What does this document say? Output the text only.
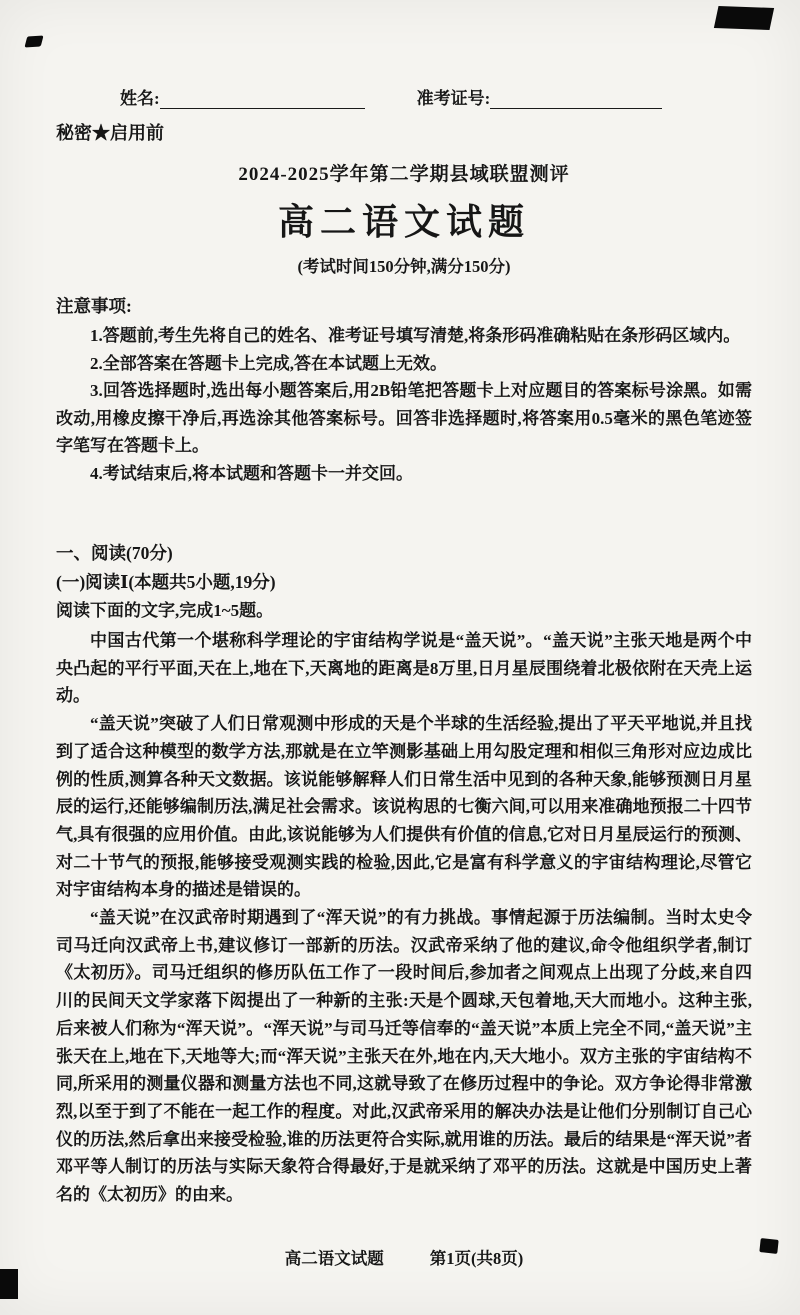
姓名:	准考证号:
秘密★启用前
2024-2025学年第二学期县域联盟测评
高二语文试题
(考试时间150分钟,满分150分)

注意事项:

1.答题前,考生先将自己的姓名、准考证号填写清楚,将条形码准确粘贴在条形码区域内。

2.全部答案在答题卡上完成,答在本试题上无效。

3.回答选择题时,选出每小题答案后,用2B铅笔把答题卡上对应题目的答案标号涂黑。如需改动,用橡皮擦干净后,再选涂其他答案标号。回答非选择题时,将答案用0.5毫米的黑色笔迹签字笔写在答题卡上。

4.考试结束后,将本试题和答题卡一并交回。

一、阅读(70分)

(一)阅读Ⅰ(本题共5小题,19分)

阅读下面的文字,完成1~5题。

中国古代第一个堪称科学理论的宇宙结构学说是“盖天说”。“盖天说”主张天地是两个中央凸起的平行平面,天在上,地在下,天离地的距离是8万里,日月星辰围绕着北极依附在天壳上运动。

“盖天说”突破了人们日常观测中形成的天是个半球的生活经验,提出了平天平地说,并且找到了适合这种模型的数学方法,那就是在立竿测影基础上用勾股定理和相似三角形对应边成比例的性质,测算各种天文数据。该说能够解释人们日常生活中见到的各种天象,能够预测日月星辰的运行,还能够编制历法,满足社会需求。该说构思的七衡六间,可以用来准确地预报二十四节气,具有很强的应用价值。由此,该说能够为人们提供有价值的信息,它对日月星辰运行的预测、对二十节气的预报,能够接受观测实践的检验,因此,它是富有科学意义的宇宙结构理论,尽管它对宇宙结构本身的描述是错误的。

“盖天说”在汉武帝时期遇到了“浑天说”的有力挑战。事情起源于历法编制。当时太史令司马迁向汉武帝上书,建议修订一部新的历法。汉武帝采纳了他的建议,命令他组织学者,制订《太初历》。司马迁组织的修历队伍工作了一段时间后,参加者之间观点上出现了分歧,来自四川的民间天文学家落下闳提出了一种新的主张:天是个圆球,天包着地,天大而地小。这种主张,后来被人们称为“浑天说”。“浑天说”与司马迁等信奉的“盖天说”本质上完全不同,“盖天说”主张天在上,地在下,天地等大;而“浑天说”主张天在外,地在内,天大地小。双方主张的宇宙结构不同,所采用的测量仪器和测量方法也不同,这就导致了在修历过程中的争论。双方争论得非常激烈,以至于到了不能在一起工作的程度。对此,汉武帝采用的解决办法是让他们分别制订自己心仪的历法,然后拿出来接受检验,谁的历法更符合实际,就用谁的历法。最后的结果是“浑天说”者邓平等人制订的历法与实际天象符合得最好,于是就采纳了邓平的历法。这就是中国历史上著名的《太初历》的由来。

高二语文试题	第1页(共8页)
